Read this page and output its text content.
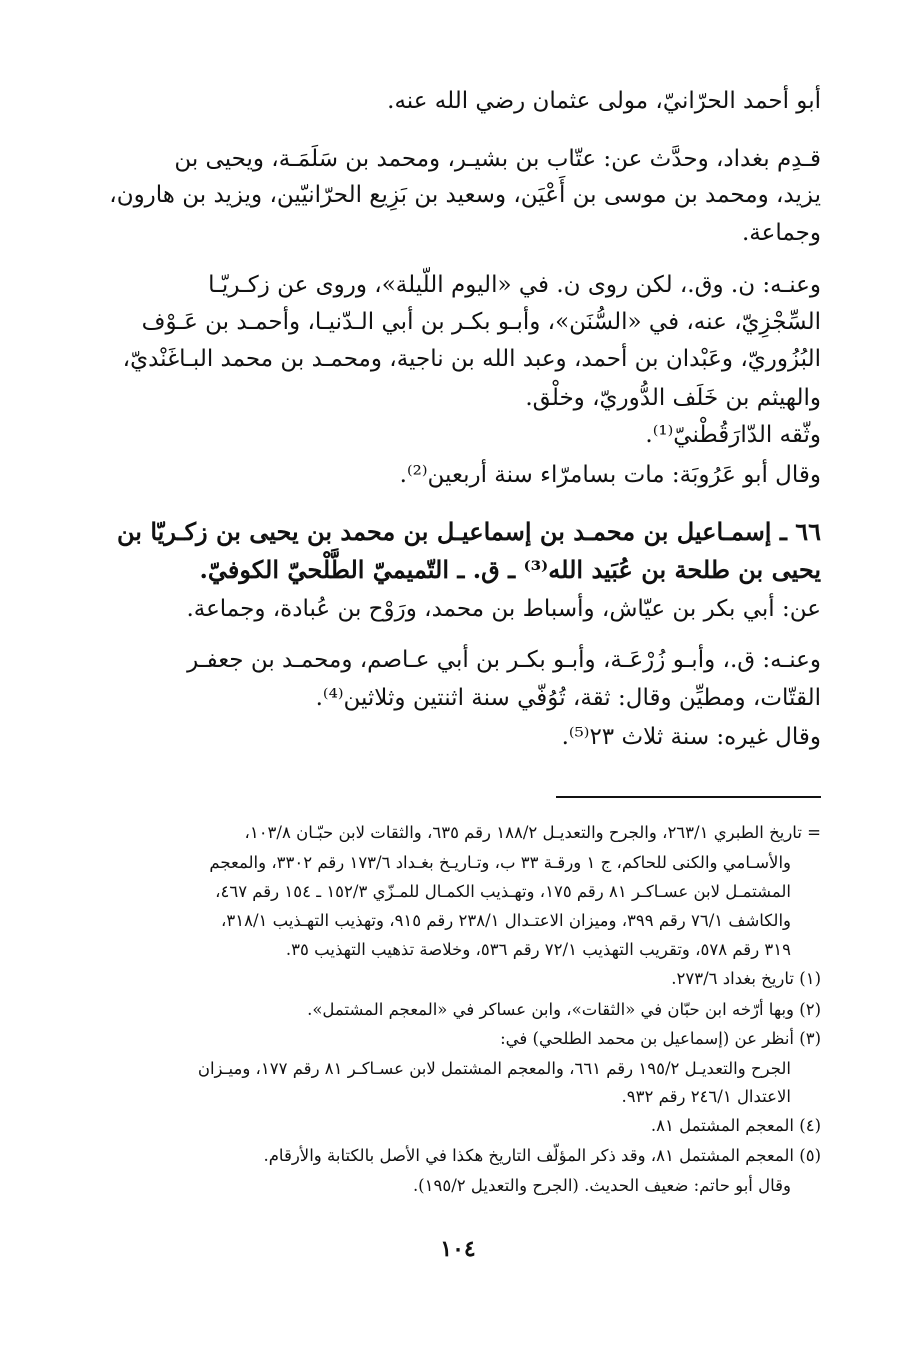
أبو أحمد الحرّانيّ، مولى عثمان رضي الله عنه.
قـدِم بغداد، وحدَّث عن: عتّاب بن بشيـر، ومحمد بن سَلَمَـة، ويحيى بن
يزيد، ومحمد بن موسى بن أَعْيَن، وسعيد بن بَزِيع الحرّانيّين، ويزيد بن هارون،
وجماعة.
وعنـه: ن. وق.، لكن روى ن. في «اليوم اللّيلة»، وروى عن زكـريّـا
السِّجْزِيّ، عنه، في «السُّنَن»، وأبـو بكـر بن أبي الـدّنيـا، وأحمـد بن عَـوْف
البُزُوريّ، وعَبْدان بن أحمد، وعبد الله بن ناجية، ومحمـد بن محمد البـاغَنْديّ،
والهيثم بن خَلَف الدُّوريّ، وخلْق.
وثّقه الدّارَقُطْنيّ⁽¹⁾.
وقال أبو عَرُوبَة: مات بسامرّاء سنة أربعين⁽²⁾.
٦٦ ـ إسمـاعيل بن محمـد بن إسماعيـل بن محمد بن يحيى بن زكـريّا بن
يحيى بن طلحة بن عُبَيد الله⁽³⁾ ـ ق. ـ التّميميّ الطَّلْحيّ الكوفيّ.
عن: أبي بكر بن عيّاش، وأسباط بن محمد، ورَوْح بن عُبادة، وجماعة.
وعنـه: ق.، وأبـو زُرْعَـة، وأبـو بكـر بن أبي عـاصم، ومحمـد بن جعفـر
القتّات، ومطيِّن وقال: ثقة، تُوُفّي سنة اثنتين وثلاثين⁽⁴⁾.
وقال غيره: سنة ثلاث ٢٣⁽⁵⁾.
= تاريخ الطبري ٢٦٣/١، والجرح والتعديـل ١٨٨/٢ رقم ٦٣٥، والثقات لابن حبّـان ١٠٣/٨،
والأسـامي والكنى للحاكم، ج ١ ورقـة ٣٣ ب، وتـاريـخ بغـداد ١٧٣/٦ رقم ٣٣٠٢، والمعجم
المشتمـل لابن عسـاكـر ٨١ رقم ١٧٥، وتهـذيب الكمـال للمـزّي ١٥٢/٣ ـ ١٥٤ رقم ٤٦٧،
والكاشف ٧٦/١ رقم ٣٩٩، وميزان الاعتـدال ٢٣٨/١ رقم ٩١٥، وتهذيب التهـذيب ٣١٨/١،
٣١٩ رقم ٥٧٨، وتقريب التهذيب ٧٢/١ رقم ٥٣٦، وخلاصة تذهيب التهذيب ٣٥.
(١) تاريخ بغداد ٢٧٣/٦.
(٢) وبها أرّخه ابن حبّان في «الثقات»، وابن عساكر في «المعجم المشتمل».
(٣) أنظر عن (إسماعيل بن محمد الطلحي) في:
الجرح والتعديـل ١٩٥/٢ رقم ٦٦١، والمعجم المشتمل لابن عسـاكـر ٨١ رقم ١٧٧، وميـزان
الاعتدال ٢٤٦/١ رقم ٩٣٢.
(٤) المعجم المشتمل ٨١.
(٥) المعجم المشتمل ٨١، وقد ذكر المؤلّف التاريخ هكذا في الأصل بالكتابة والأرقام.
وقال أبو حاتم: ضعيف الحديث. (الجرح والتعديل ١٩٥/٢).
١٠٤
